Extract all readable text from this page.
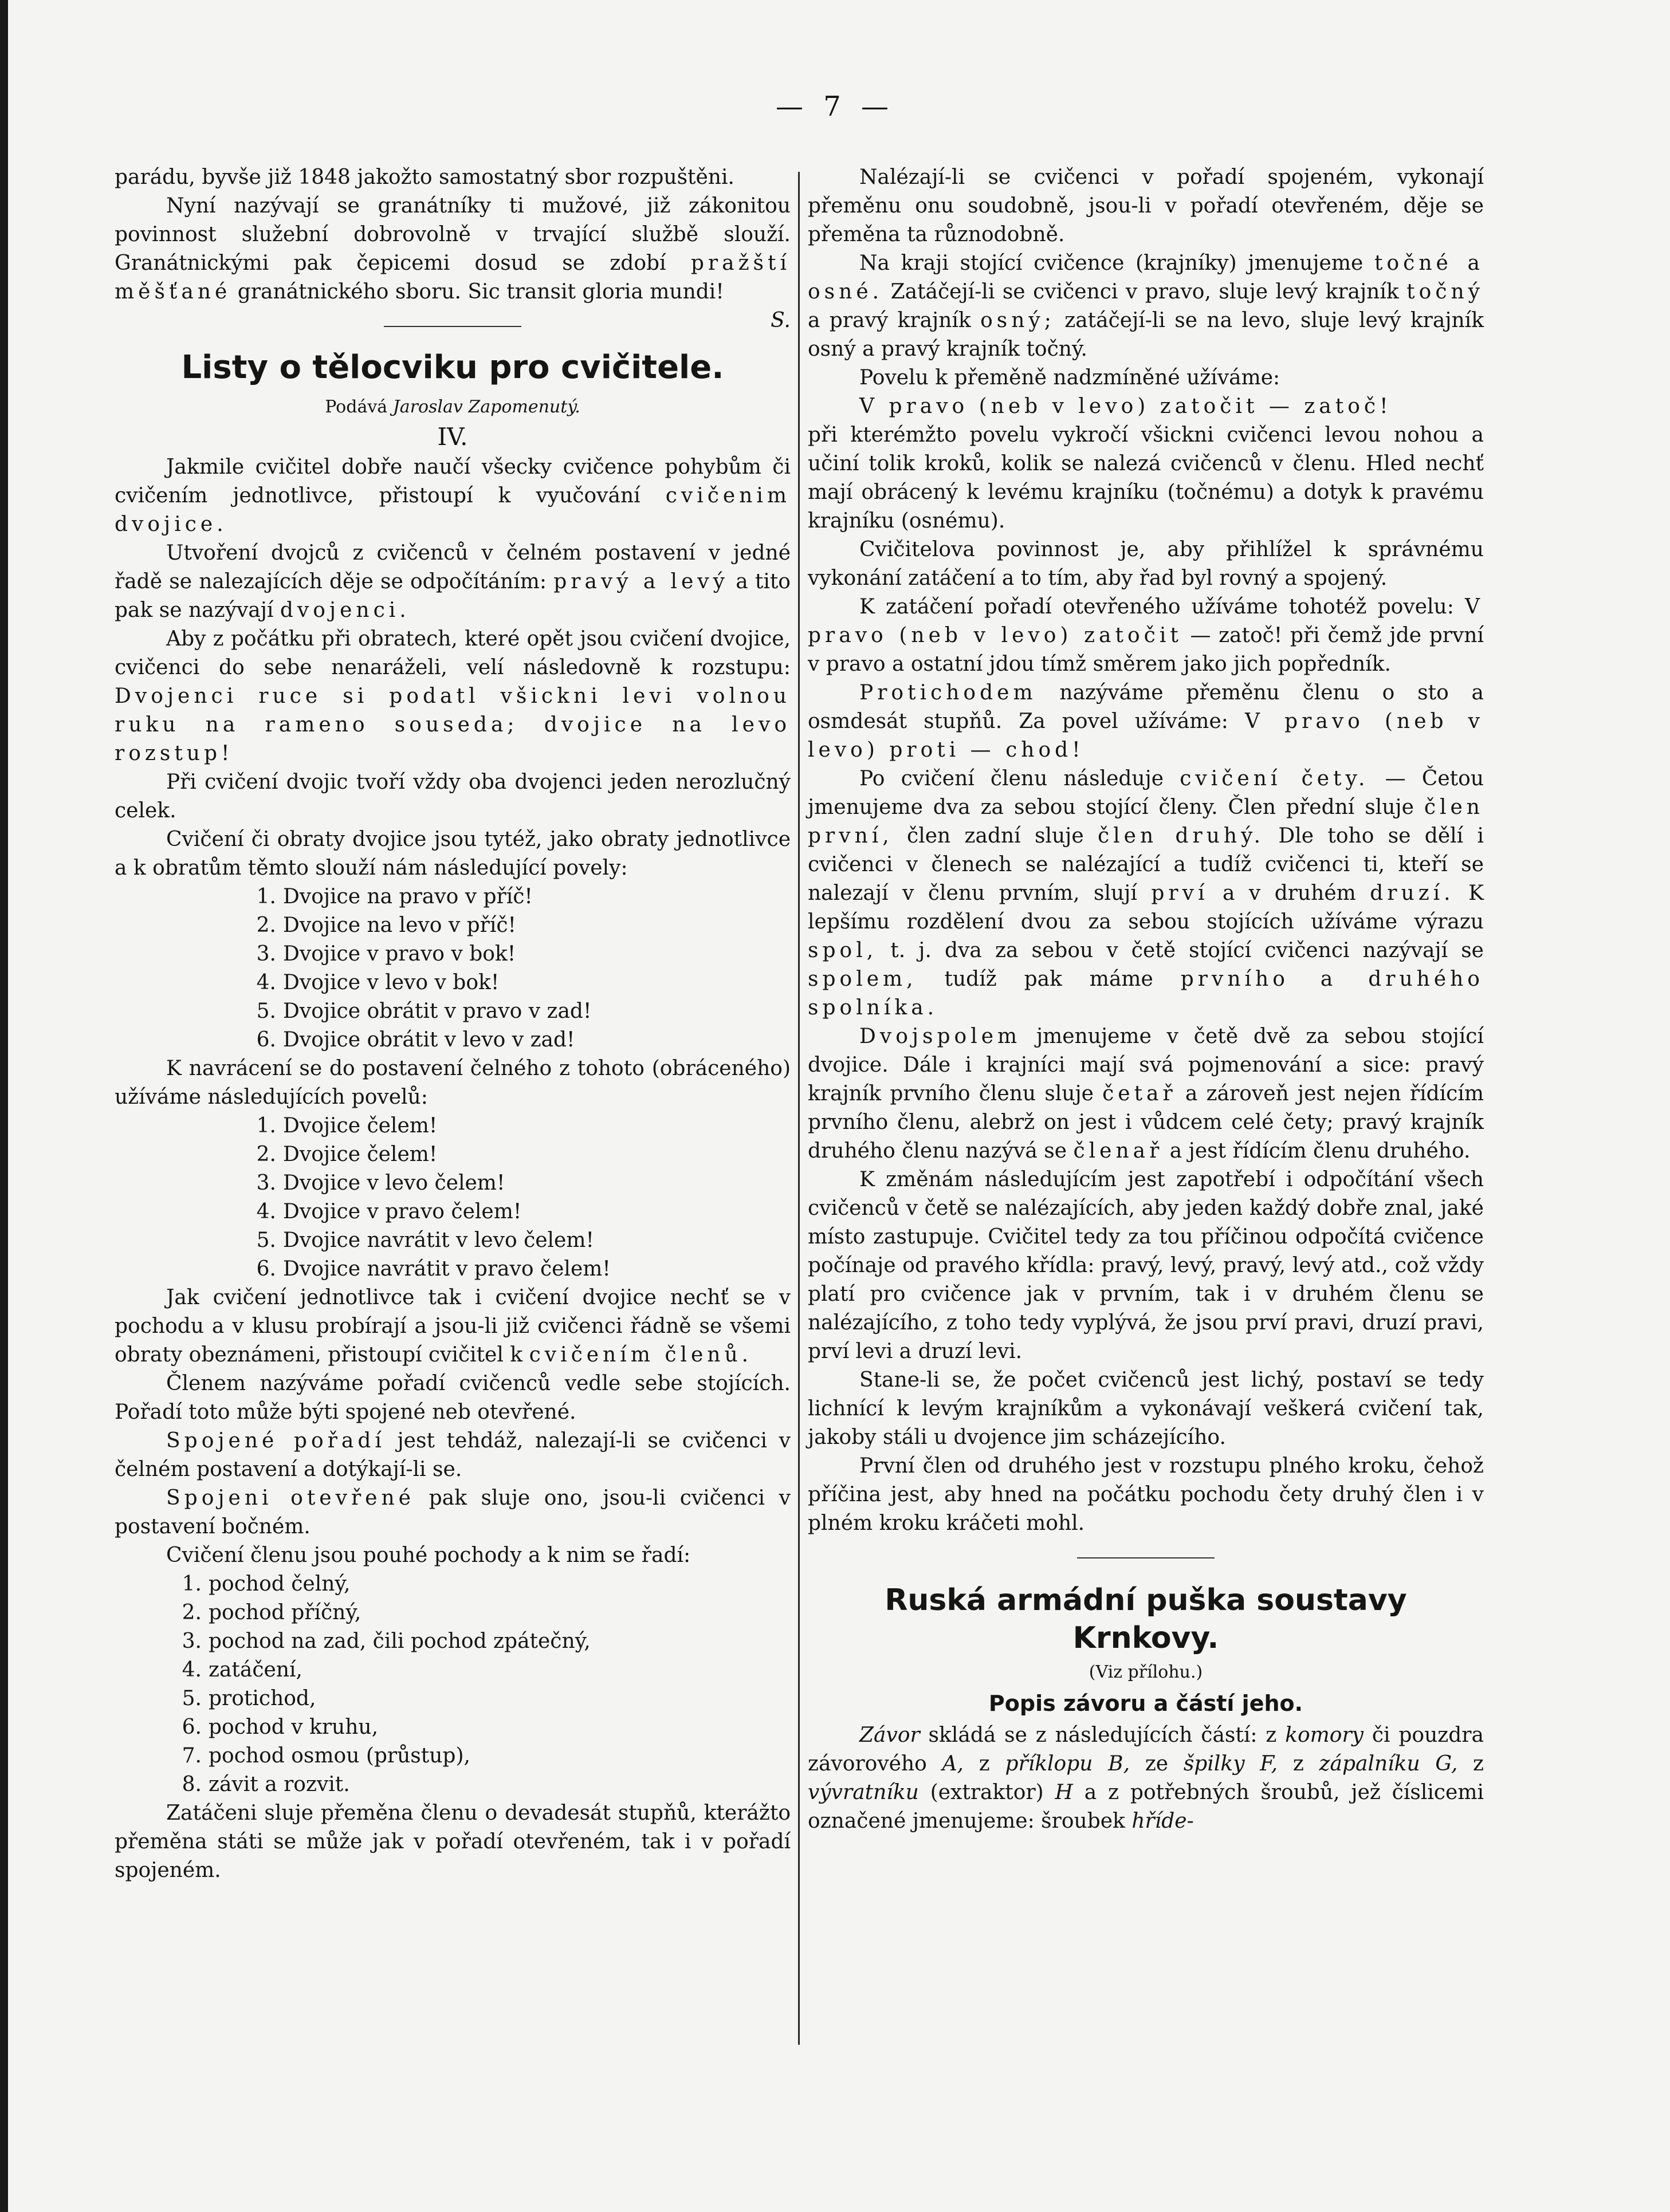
— 7 —

parádu, byvše již 1848 jakožto samostatný sbor rozpuštěni.

Nyní nazývají se granátníky ti mužové, již zákonitou povinnost služební dobrovolně v trvající službě slouží. Granátnickými pak čepicemi dosud se zdobí pražští měšťané granátnického sboru. Sic transit gloria mundi!
S.

Listy o tělocviku pro cvičitele.
Podává Jaroslav Zapomenutý.
IV.

Jakmile cvičitel dobře naučí všecky cvičence pohybům či cvičením jednotlivce, přistoupí k vyučování cvičenim dvojice.

Utvoření dvojců z cvičenců v čelném postavení v jedné řadě se nalezajících děje se odpočítáním: pravý a levý a tito pak se nazývají dvojenci.

Aby z počátku při obratech, které opět jsou cvičení dvojice, cvičenci do sebe nenaráželi, velí následovně k rozstupu: Dvojenci ruce si podatl všickni levi volnou ruku na rameno souseda; dvojice na levo rozstup!

Při cvičení dvojic tvoří vždy oba dvojenci jeden nerozlučný celek.

Cvičení či obraty dvojice jsou tytéž, jako obraty jednotlivce a k obratům těmto slouží nám následující povely:

1. Dvojice na pravo v příč!
2. Dvojice na levo v příč!
3. Dvojice v pravo v bok!
4. Dvojice v levo v bok!
5. Dvojice obrátit v pravo v zad!
6. Dvojice obrátit v levo v zad!

K navrácení se do postavení čelného z tohoto (obráceného) užíváme následujících povelů:

1. Dvojice čelem!
2. Dvojice čelem!
3. Dvojice v levo čelem!
4. Dvojice v pravo čelem!
5. Dvojice navrátit v levo čelem!
6. Dvojice navrátit v pravo čelem!

Jak cvičení jednotlivce tak i cvičení dvojice nechť se v pochodu a v klusu probírají a jsou-li již cvičenci řádně se všemi obraty obeznámeni, přistoupí cvičitel k cvičením členů.

Členem nazýváme pořadí cvičenců vedle sebe stojících. Pořadí toto může býti spojené neb otevřené.

Spojené pořadí jest tehdáž, nalezají-li se cvičenci v čelném postavení a dotýkají-li se.

Spojeni otevřené pak sluje ono, jsou-li cvičenci v postavení bočném.

Cvičení členu jsou pouhé pochody a k nim se řadí:

1. pochod čelný,
2. pochod příčný,
3. pochod na zad, čili pochod zpátečný,
4. zatáčení,
5. protichod,
6. pochod v kruhu,
7. pochod osmou (průstup),
8. závit a rozvit.

Zatáčeni sluje přeměna členu o devadesát stupňů, kterážto přeměna státi se může jak v pořadí otevřeném, tak i v pořadí spojeném.

Nalézají-li se cvičenci v pořadí spojeném, vykonají přeměnu onu soudobně, jsou-li v pořadí otevřeném, děje se přeměna ta různodobně.

Na kraji stojící cvičence (krajníky) jmenujeme točné a osné. Zatáčejí-li se cvičenci v pravo, sluje levý krajník točný a pravý krajník osný; zatáčejí-li se na levo, sluje levý krajník osný a pravý krajník točný.

Povelu k přeměně nadzmíněné užíváme:

V pravo (neb v levo) zatočit — zatoč!

při kterémžto povelu vykročí všickni cvičenci levou nohou a učiní tolik kroků, kolik se nalezá cvičenců v členu. Hled nechť mají obrácený k levému krajníku (točnému) a dotyk k pravému krajníku (osnému).

Cvičitelova povinnost je, aby přihlížel k správnému vykonání zatáčení a to tím, aby řad byl rovný a spojený.

K zatáčení pořadí otevřeného užíváme tohotéž povelu: V pravo (neb v levo) zatočit — zatoč! při čemž jde první v pravo a ostatní jdou tímž směrem jako jich popředník.

Protichodem nazýváme přeměnu členu o sto a osmdesát stupňů. Za povel užíváme: V pravo (neb v levo) proti — chod!

Po cvičení členu následuje cvičení čety. — Četou jmenujeme dva za sebou stojící členy. Člen přední sluje člen první, člen zadní sluje člen druhý. Dle toho se dělí i cvičenci v členech se nalézající a tudíž cvičenci ti, kteří se nalezají v členu prvním, slují prví a v druhém druzí. K lepšímu rozdělení dvou za sebou stojících užíváme výrazu spol, t. j. dva za sebou v četě stojící cvičenci nazývají se spolem, tudíž pak máme prvního a druhého spolníka.

Dvojspolem jmenujeme v četě dvě za sebou stojící dvojice. Dále i krajníci mají svá pojmenování a sice: pravý krajník prvního členu sluje četař a zároveň jest nejen řídícím prvního členu, alebrž on jest i vůdcem celé čety; pravý krajník druhého členu nazývá se členař a jest řídícím členu druhého.

K změnám následujícím jest zapotřebí i odpočítání všech cvičenců v četě se nalézajících, aby jeden každý dobře znal, jaké místo zastupuje. Cvičitel tedy za tou příčinou odpočítá cvičence počínaje od pravého křídla: pravý, levý, pravý, levý atd., což vždy platí pro cvičence jak v prvním, tak i v druhém členu se nalézajícího, z toho tedy vyplývá, že jsou prví pravi, druzí pravi, prví levi a druzí levi.

Stane-li se, že počet cvičenců jest lichý, postaví se tedy lichnící k levým krajníkům a vykonávají veškerá cvičení tak, jakoby stáli u dvojence jim scházejícího.

První člen od druhého jest v rozstupu plného kroku, čehož příčina jest, aby hned na počátku pochodu čety druhý člen i v plném kroku kráčeti mohl.

Ruská armádní puška soustavy Krnkovy.
(Viz přílohu.)
Popis závoru a částí jeho.

Závor skládá se z následujících částí: z komory či pouzdra závorového A, z příklopu B, ze špilky F, z zápalníku G, z vývratníku (extraktor) H a z potřebných šroubů, jež číslicemi označené jmenujeme: šroubek hříde-
